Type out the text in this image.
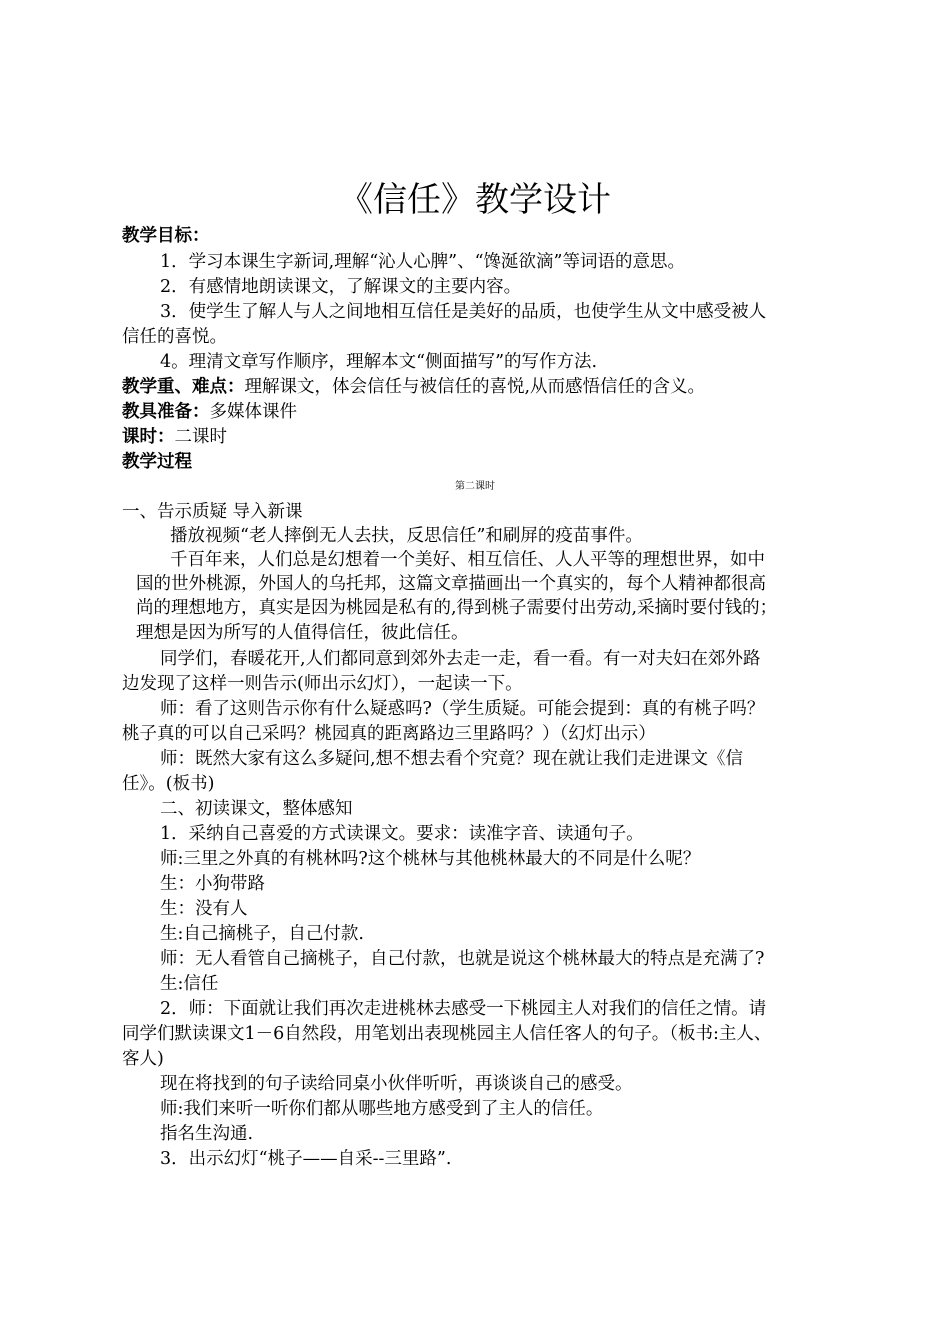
《信任》教学设计
教学目标：
1．学习本课生字新词,理解“沁人心脾”、“馋涎欲滴”等词语的意思。
2．有感情地朗读课文，了解课文的主要内容。
3．使学生了解人与人之间地相互信任是美好的品质，也使学生从文中感受被人
信任的喜悦。
4。理清文章写作顺序，理解本文“侧面描写”的写作方法.
教学重、难点：理解课文，体会信任与被信任的喜悦,从而感悟信任的含义。
教具准备：多媒体课件
课时：二课时
教学过程
第二课时
一、告示质疑 导入新课
播放视频“老人摔倒无人去扶，反思信任”和刷屏的疫苗事件。
千百年来，人们总是幻想着一个美好、相互信任、人人平等的理想世界，如中
国的世外桃源，外国人的乌托邦，这篇文章描画出一个真实的，每个人精神都很高
尚的理想地方，真实是因为桃园是私有的,得到桃子需要付出劳动,采摘时要付钱的；
理想是因为所写的人值得信任，彼此信任。
同学们，春暖花开,人们都同意到郊外去走一走，看一看。有一对夫妇在郊外路
边发现了这样一则告示(师出示幻灯），一起读一下。
师：看了这则告示你有什么疑惑吗?（学生质疑。可能会提到：真的有桃子吗？
桃子真的可以自己采吗？桃园真的距离路边三里路吗？）（幻灯出示）
师：既然大家有这么多疑问,想不想去看个究竟？现在就让我们走进课文《信
任》。(板书)
二、初读课文，整体感知
1．采纳自己喜爱的方式读课文。要求：读准字音、读通句子。
师:三里之外真的有桃林吗?这个桃林与其他桃林最大的不同是什么呢？
生：小狗带路
生：没有人
生:自己摘桃子，自己付款.
师：无人看管自己摘桃子，自己付款，也就是说这个桃林最大的特点是充满了?
生:信任
2．师：下面就让我们再次走进桃林去感受一下桃园主人对我们的信任之情。请
同学们默读课文1－6自然段，用笔划出表现桃园主人信任客人的句子。（板书:主人、
客人)
现在将找到的句子读给同桌小伙伴听听，再谈谈自己的感受。
师:我们来听一听你们都从哪些地方感受到了主人的信任。
指名生沟通.
3．出示幻灯“桃子——自采--三里路”.
